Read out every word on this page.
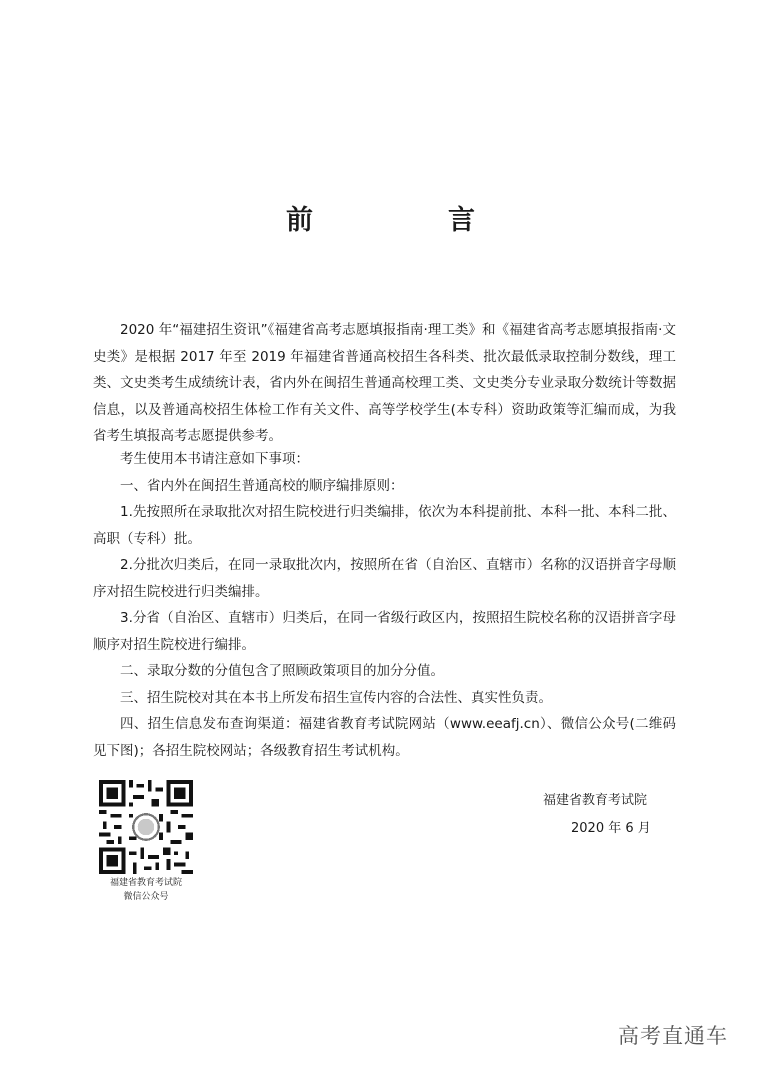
前　言

2020 年“福建招生资讯”《福建省高考志愿填报指南·理工类》和《福建省高考志愿填报指南·文史类》是根据 2017 年至 2019 年福建省普通高校招生各科类、批次最低录取控制分数线，理工类、文史类考生成绩统计表，省内外在闽招生普通高校理工类、文史类分专业录取分数统计等数据信息，以及普通高校招生体检工作有关文件、高等学校学生(本专科）资助政策等汇编而成，为我省考生填报高考志愿提供参考。

考生使用本书请注意如下事项：

一、省内外在闽招生普通高校的顺序编排原则：

1.先按照所在录取批次对招生院校进行归类编排，依次为本科提前批、本科一批、本科二批、高职（专科）批。

2.分批次归类后，在同一录取批次内，按照所在省（自治区、直辖市）名称的汉语拼音字母顺序对招生院校进行归类编排。

3.分省（自治区、直辖市）归类后，在同一省级行政区内，按照招生院校名称的汉语拼音字母顺序对招生院校进行编排。

二、录取分数的分值包含了照顾政策项目的加分分值。

三、招生院校对其在本书上所发布招生宣传内容的合法性、真实性负责。

四、招生信息发布查询渠道：福建省教育考试院网站（www.eeafj.cn）、微信公众号(二维码见下图)；各招生院校网站；各级教育招生考试机构。

福建省教育考试院
微信公众号
福建省教育考试院
2020 年 6 月
高考直通车
